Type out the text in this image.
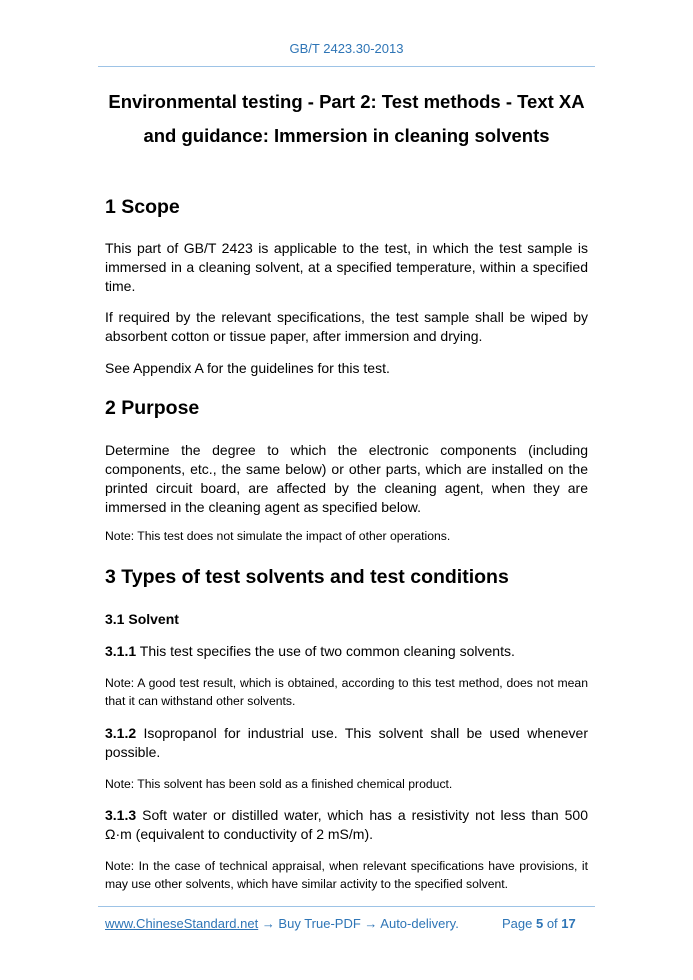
GB/T 2423.30-2013
Environmental testing - Part 2: Test methods - Text XA
and guidance: Immersion in cleaning solvents
1 Scope
This part of GB/T 2423 is applicable to the test, in which the test sample is immersed in a cleaning solvent, at a specified temperature, within a specified time.
If required by the relevant specifications, the test sample shall be wiped by absorbent cotton or tissue paper, after immersion and drying.
See Appendix A for the guidelines for this test.
2 Purpose
Determine the degree to which the electronic components (including components, etc., the same below) or other parts, which are installed on the printed circuit board, are affected by the cleaning agent, when they are immersed in the cleaning agent as specified below.
Note: This test does not simulate the impact of other operations.
3 Types of test solvents and test conditions
3.1 Solvent
3.1.1 This test specifies the use of two common cleaning solvents.
Note: A good test result, which is obtained, according to this test method, does not mean that it can withstand other solvents.
3.1.2 Isopropanol for industrial use. This solvent shall be used whenever possible.
Note: This solvent has been sold as a finished chemical product.
3.1.3 Soft water or distilled water, which has a resistivity not less than 500 Ω·m (equivalent to conductivity of 2 mS/m).
Note: In the case of technical appraisal, when relevant specifications have provisions, it may use other solvents, which have similar activity to the specified solvent.
www.ChineseStandard.net → Buy True-PDF → Auto-delivery.	Page 5 of 17
